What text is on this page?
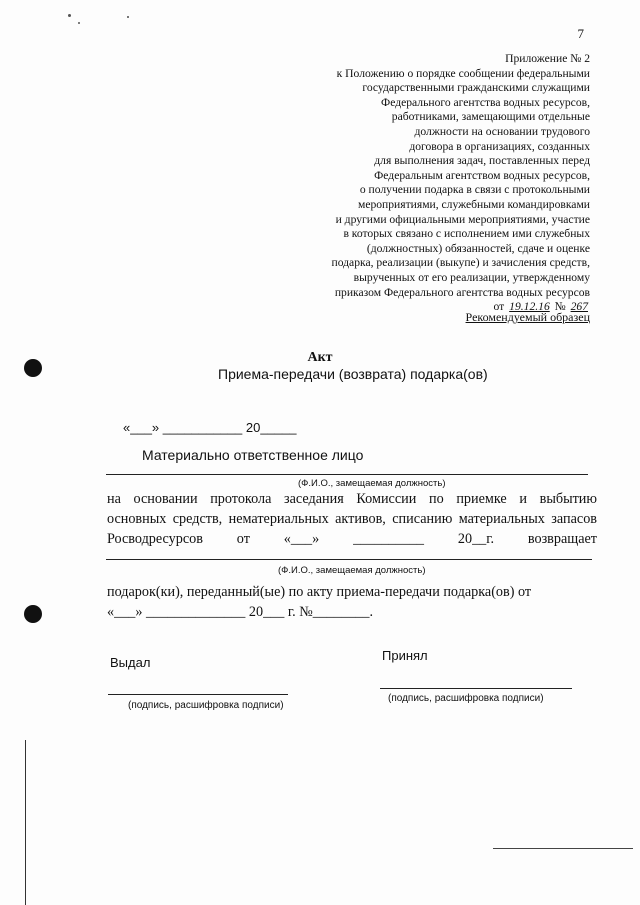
7
Приложение № 2
к Положению о порядке сообщении федеральными
государственными гражданскими служащими
Федерального агентства водных ресурсов,
работниками, замещающими отдельные
должности на основании трудового
договора в организациях, созданных
для выполнения задач, поставленных перед
Федеральным агентством водных ресурсов,
о получении подарка в связи с протокольными
мероприятиями, служебными командировками
и другими официальными мероприятиями, участие
в которых связано с исполнением ими служебных
(должностных) обязанностей, сдаче и оценке
подарка, реализации (выкупе) и зачисления средств,
вырученных от его реализации, утвержденному
приказом Федерального агентства водных ресурсов
от 19.12.16 № 267
Рекомендуемый образец
Акт
Приема-передачи (возврата) подарка(ов)
«___» ___________ 20_____
Материально ответственное лицо
(Ф.И.О., замещаемая должность)
на основании протокола заседания Комиссии по приемке и выбытию
основных средств, нематериальных активов, списанию материальных запасов
Росводресурсов от «___» __________ 20__г. возвращает
(Ф.И.О., замещаемая должность)
подарок(ки), переданный(ые) по акту приема-передачи подарка(ов) от
«___» ______________ 20___ г. №________.
Выдал	Принял
(подпись, расшифровка подписи)
(подпись, расшифровка подписи)
